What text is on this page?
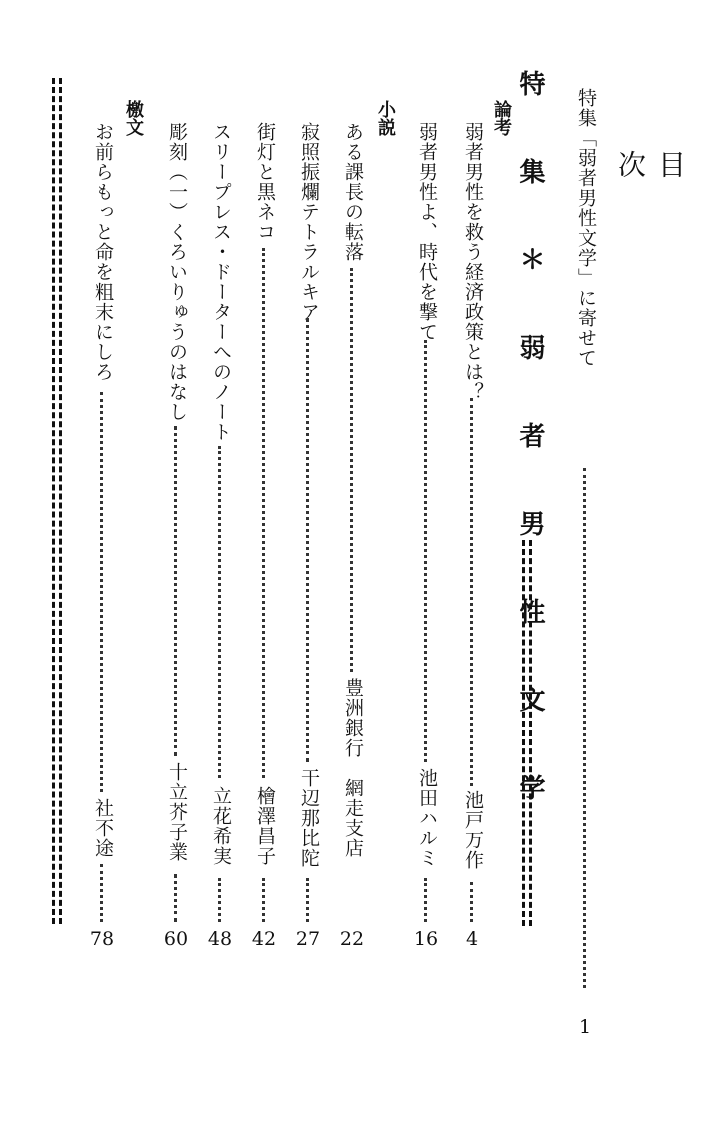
目 次
特集「弱者男性文学」に寄せて
1
特 集 ＊ 弱 者 男 性 文 学
論考
弱者男性を救う経済政策とは？
池戸万作
4
弱者男性よ、時代を撃て
池田ハルミ
16
小説
ある課長の転落
豊洲銀行　網走支店
22
寂照振爛テトラルキア
干辺那比陀
27
街灯と黒ネコ
檜澤昌子
42
スリープレス・ドーターへのノート
立花希実
48
彫刻（一）くろいりゅうのはなし
十立芥子業
60
檄文
お前らもっと命を粗末にしろ
社不途
78
